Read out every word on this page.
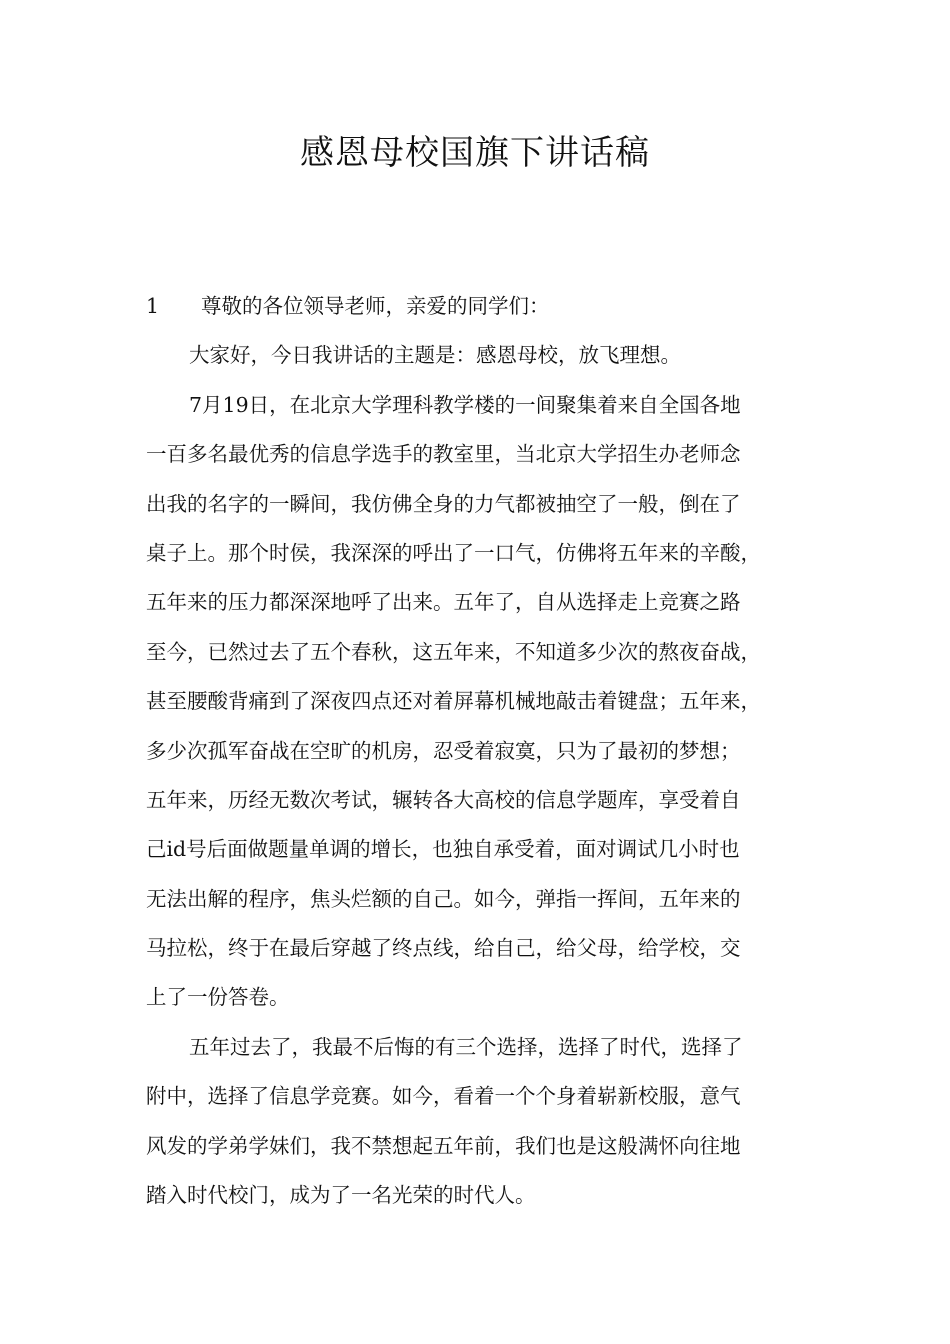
感恩母校国旗下讲话稿
1 尊敬的各位领导老师，亲爱的同学们：
大家好，今日我讲话的主题是：感恩母校，放飞理想。
7月19日，在北京大学理科教学楼的一间聚集着来自全国各地
一百多名最优秀的信息学选手的教室里，当北京大学招生办老师念
出我的名字的一瞬间，我仿佛全身的力气都被抽空了一般，倒在了
桌子上。那个时侯，我深深的呼出了一口气，仿佛将五年来的辛酸，
五年来的压力都深深地呼了出来。五年了，自从选择走上竞赛之路
至今，已然过去了五个春秋，这五年来，不知道多少次的熬夜奋战，
甚至腰酸背痛到了深夜四点还对着屏幕机械地敲击着键盘；五年来，
多少次孤军奋战在空旷的机房，忍受着寂寞，只为了最初的梦想；
五年来，历经无数次考试，辗转各大高校的信息学题库，享受着自
己id号后面做题量单调的增长，也独自承受着，面对调试几小时也
无法出解的程序，焦头烂额的自己。如今，弹指一挥间，五年来的
马拉松，终于在最后穿越了终点线，给自己，给父母，给学校，交
上了一份答卷。
五年过去了，我最不后悔的有三个选择，选择了时代，选择了
附中，选择了信息学竞赛。如今，看着一个个身着崭新校服，意气
风发的学弟学妹们，我不禁想起五年前，我们也是这般满怀向往地
踏入时代校门，成为了一名光荣的时代人。
